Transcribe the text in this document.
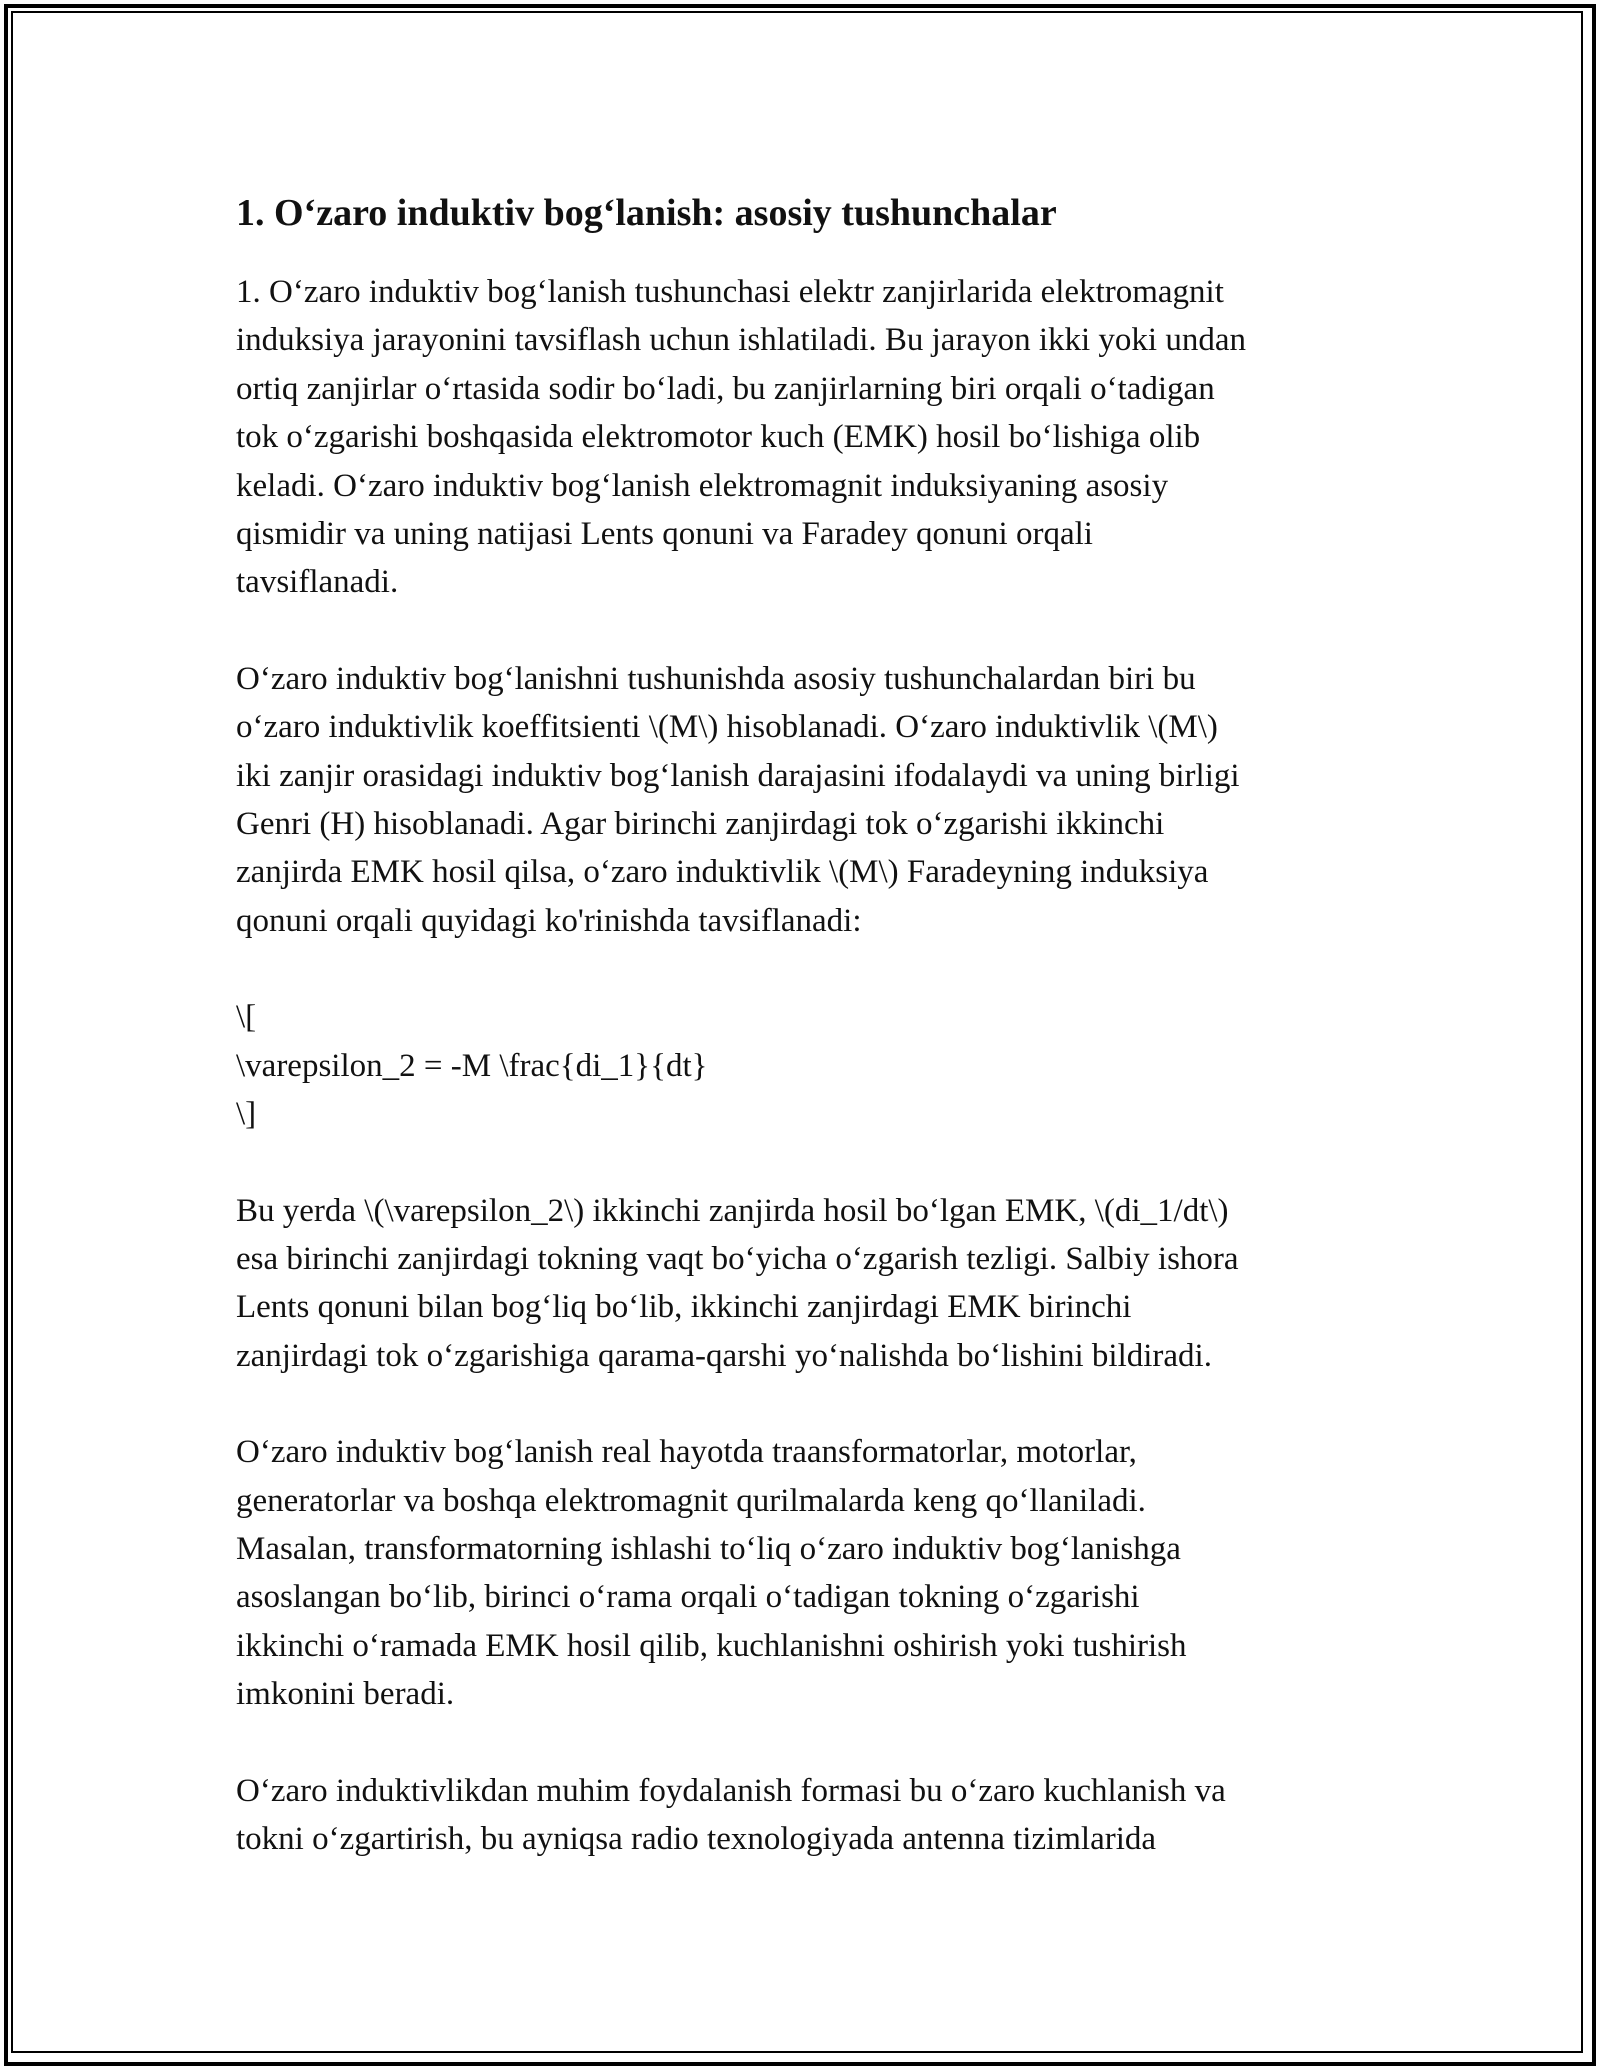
1. O‘zaro induktiv bog‘lanish: asosiy tushunchalar

1. O‘zaro induktiv bog‘lanish tushunchasi elektr zanjirlarida elektromagnit
induksiya jarayonini tavsiflash uchun ishlatiladi. Bu jarayon ikki yoki undan
ortiq zanjirlar o‘rtasida sodir bo‘ladi, bu zanjirlarning biri orqali o‘tadigan
tok o‘zgarishi boshqasida elektromotor kuch (EMK) hosil bo‘lishiga olib
keladi. O‘zaro induktiv bog‘lanish elektromagnit induksiyaning asosiy
qismidir va uning natijasi Lents qonuni va Faradey qonuni orqali
tavsiflanadi.

O‘zaro induktiv bog‘lanishni tushunishda asosiy tushunchalardan biri bu
o‘zaro induktivlik koeffitsienti \(M\) hisoblanadi. O‘zaro induktivlik \(M\)
iki zanjir orasidagi induktiv bog‘lanish darajasini ifodalaydi va uning birligi
Genri (H) hisoblanadi. Agar birinchi zanjirdagi tok o‘zgarishi ikkinchi
zanjirda EMK hosil qilsa, o‘zaro induktivlik \(M\) Faradeyning induksiya
qonuni orqali quyidagi ko'rinishda tavsiflanadi:

\[
\varepsilon_2 = -M \frac{di_1}{dt}
\]

Bu yerda \(\varepsilon_2\) ikkinchi zanjirda hosil bo‘lgan EMK, \(di_1/dt\)
esa birinchi zanjirdagi tokning vaqt bo‘yicha o‘zgarish tezligi. Salbiy ishora
Lents qonuni bilan bog‘liq bo‘lib, ikkinchi zanjirdagi EMK birinchi
zanjirdagi tok o‘zgarishiga qarama-qarshi yo‘nalishda bo‘lishini bildiradi.

O‘zaro induktiv bog‘lanish real hayotda traansformatorlar, motorlar,
generatorlar va boshqa elektromagnit qurilmalarda keng qo‘llaniladi.
Masalan, transformatorning ishlashi to‘liq o‘zaro induktiv bog‘lanishga
asoslangan bo‘lib, birinci o‘rama orqali o‘tadigan tokning o‘zgarishi
ikkinchi o‘ramada EMK hosil qilib, kuchlanishni oshirish yoki tushirish
imkonini beradi.

O‘zaro induktivlikdan muhim foydalanish formasi bu o‘zaro kuchlanish va
tokni o‘zgartirish, bu ayniqsa radio texnologiyada antenna tizimlarida
